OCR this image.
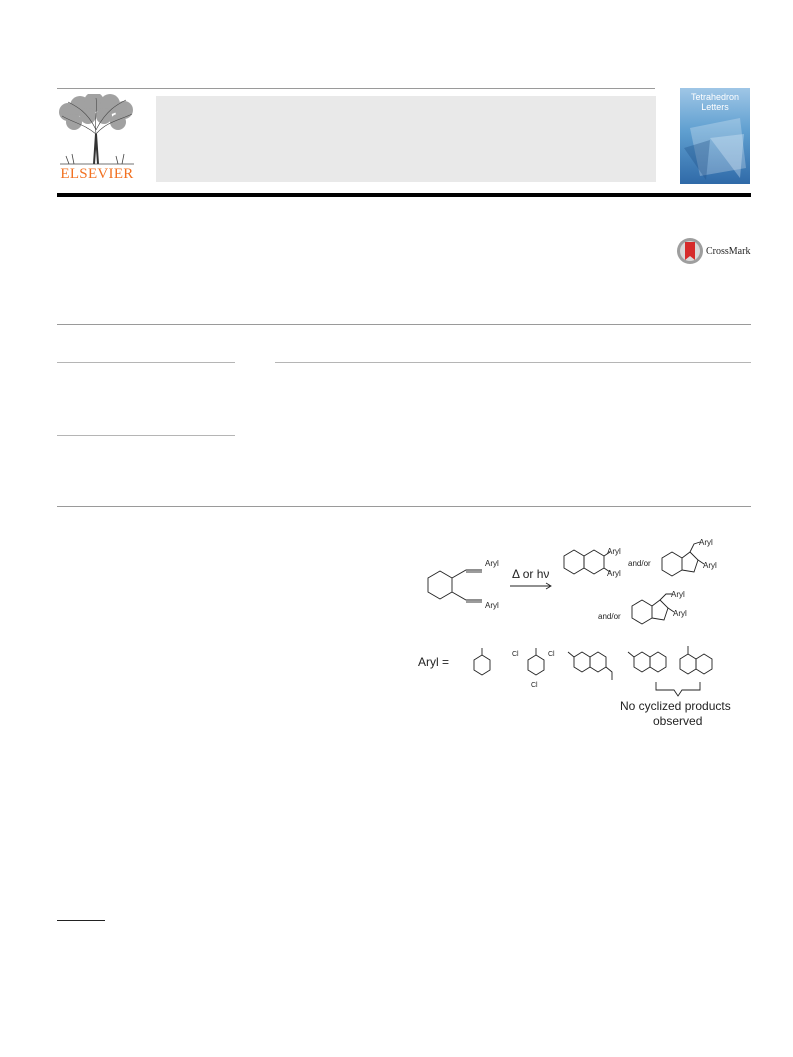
ELSEVIER
Tetrahedron
Letters
CrossMark
Aryl
Aryl
Δ or hν
Aryl
Aryl
and/or
Aryl
Aryl
Aryl
Aryl
and/or
Aryl =
Cl	Cl
Cl
No cyclized products
observed
